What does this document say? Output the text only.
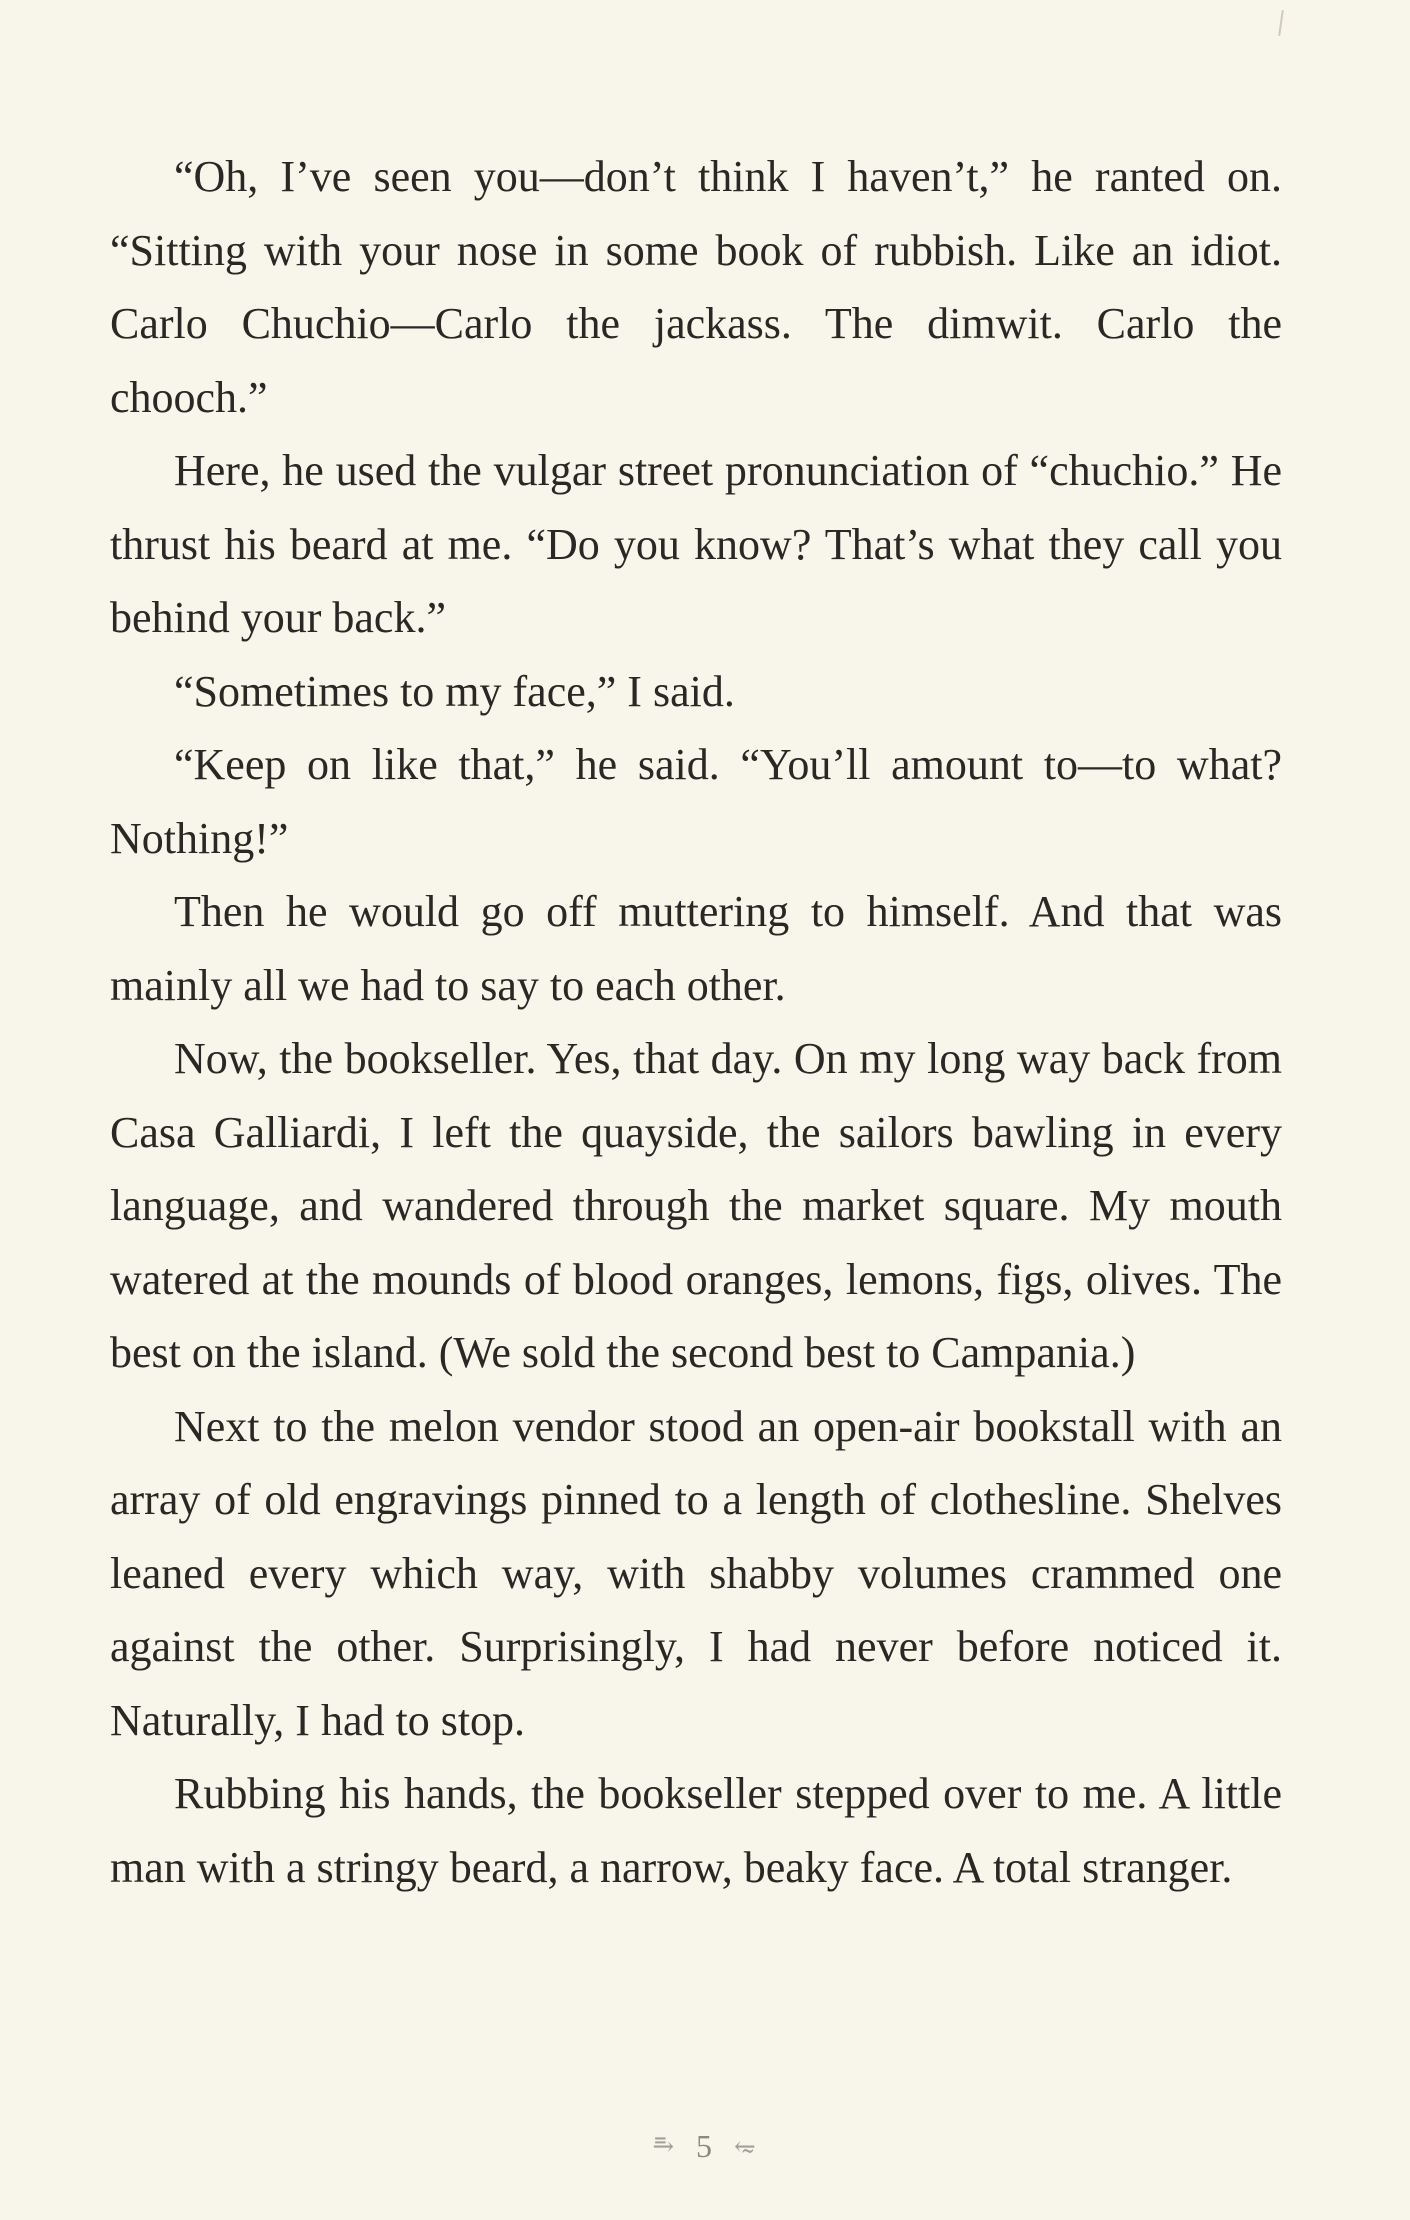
“Oh, I’ve seen you—don’t think I haven’t,” he ranted on. “Sitting with your nose in some book of rubbish. Like an idiot. Carlo Chuchio—Carlo the jackass. The dimwit. Carlo the chooch.”

Here, he used the vulgar street pronunciation of “chuchio.” He thrust his beard at me. “Do you know? That’s what they call you behind your back.”

“Sometimes to my face,” I said.

“Keep on like that,” he said. “You’ll amount to—to what? Nothing!”

Then he would go off muttering to himself. And that was mainly all we had to say to each other.

Now, the bookseller. Yes, that day. On my long way back from Casa Galliardi, I left the quayside, the sailors bawling in every language, and wandered through the market square. My mouth watered at the mounds of blood oranges, lemons, figs, olives. The best on the island. (We sold the second best to Campania.)

Next to the melon vendor stood an open-air bookstall with an array of old engravings pinned to a length of clothesline. Shelves leaned every which way, with shabby volumes crammed one against the other. Surprisingly, I had never before noticed it. Naturally, I had to stop.

Rubbing his hands, the bookseller stepped over to me. A little man with a stringy beard, a narrow, beaky face. A total stranger.

⥱ 5 ⥳
